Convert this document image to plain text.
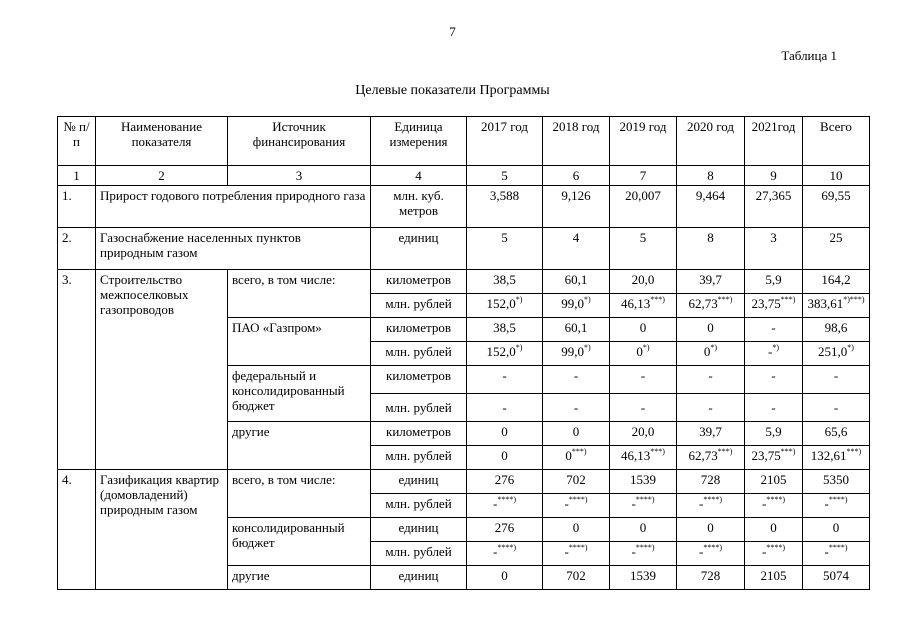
7
Таблица 1
Целевые показатели Программы
№ п/п	Наименование показателя	Источник финансирования	Единица измерения	2017 год	2018 год	2019 год	2020 год	2021год	Всего
1	2	3	4	5	6	7	8	9	10
1.	Прирост годового потребления природного газа		млн. куб. метров	3,588	9,126	20,007	9,464	27,365	69,55
2.	Газоснабжение населенных пунктов природным газом		единиц	5	4	5	8	3	25
3.	Строительство межпоселковых газопроводов	всего, в том числе:	километров	38,5	60,1	20,0	39,7	5,9	164,2
			млн. рублей	152,0*)	99,0*)	46,13***)	62,73***)	23,75***)	383,61*)***)
		ПАО «Газпром»	километров	38,5	60,1	0	0	-	98,6
			млн. рублей	152,0*)	99,0*)	0*)	0*)	-*)	251,0*)
		федеральный и консолидированный бюджет	километров	-	-	-	-	-	-
			млн. рублей	-	-	-	-	-	-
		другие	километров	0	0	20,0	39,7	5,9	65,6
			млн. рублей	0	0***)	46,13***)	62,73***)	23,75***)	132,61***)
4.	Газификация квартир (домовладений) природным газом	всего, в том числе:	единиц	276	702	1539	728	2105	5350
			млн. рублей	-****)	-****)	-****)	-****)	-****)	-****)
		консолидированный бюджет	единиц	276	0	0	0	0	0
			млн. рублей	-****)	-****)	-****)	-****)	-****)	-****)
		другие	единиц	0	702	1539	728	2105	5074
